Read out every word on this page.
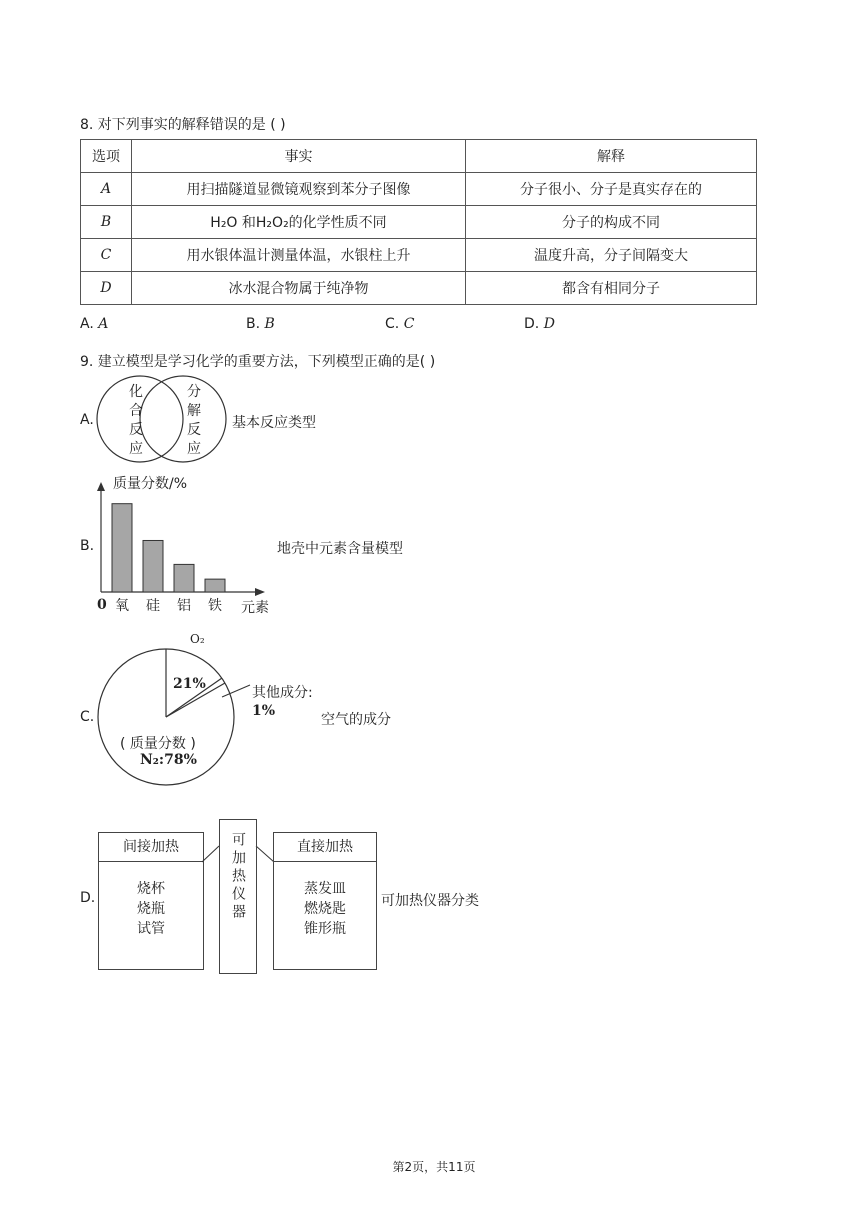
8. 对下列事实的解释错误的是 ( )
选项	事实	解释
A	用扫描隧道显微镜观察到苯分子图像	分子很小、分子是真实存在的
B	H₂O 和H₂O₂的化学性质不同	分子的构成不同
C	用水银体温计测量体温，水银柱上升	温度升高，分子间隔变大
D	冰水混合物属于纯净物	都含有相同分子
A. A	B. B	C. C	D. D
9. 建立模型是学习化学的重要方法，下列模型正确的是( )
A.
化
合
反
应
分
解
反
应
基本反应类型
B.
氧 硅 铝 铁
质量分数/%
0	元素
地壳中元素含量模型
C.
O₂
21%
其他成分:
1%
( 质量分数 )
N₂:78%
空气的成分
D.
间接加热
烧杯
烧瓶
试管
可加热仪器	直接加热
蒸发皿
燃烧匙
锥形瓶
可加热仪器分类
第2页，共11页
